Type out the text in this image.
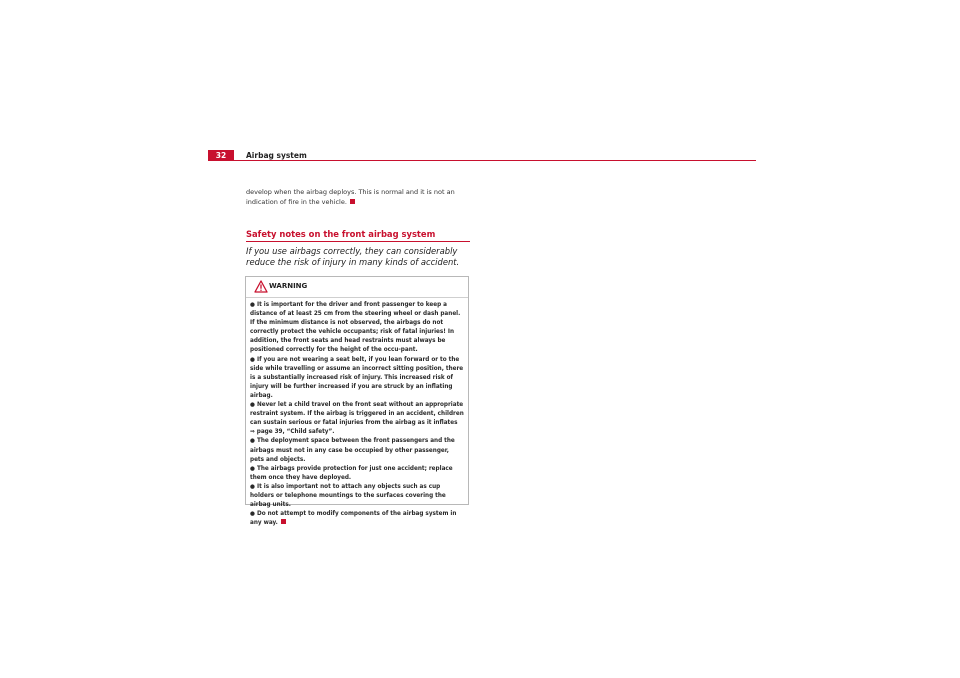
32	Airbag system

develop when the airbag deploys. This is normal and it is not an indication of fire in the vehicle.

Safety notes on the front airbag system

If you use airbags correctly, they can considerably reduce the risk of injury in many kinds of accident.

WARNING
● It is important for the driver and front passenger to keep a distance of at least 25 cm from the steering wheel or dash panel. If the minimum distance is not observed, the airbags do not correctly protect the vehicle occupants; risk of fatal injuries! In addition, the front seats and head restraints must always be positioned correctly for the height of the occu-pant.
● If you are not wearing a seat belt, if you lean forward or to the side while travelling or assume an incorrect sitting position, there is a substantially increased risk of injury. This increased risk of injury will be further increased if you are struck by an inflating airbag.
● Never let a child travel on the front seat without an appropriate restraint system. If the airbag is triggered in an accident, children can sustain serious or fatal injuries from the airbag as it inflates ⇒ page 39, “Child safety”.
● The deployment space between the front passengers and the airbags must not in any case be occupied by other passenger, pets and objects.
● The airbags provide protection for just one accident; replace them once they have deployed.
● It is also important not to attach any objects such as cup holders or telephone mountings to the surfaces covering the airbag units.
● Do not attempt to modify components of the airbag system in any way.
